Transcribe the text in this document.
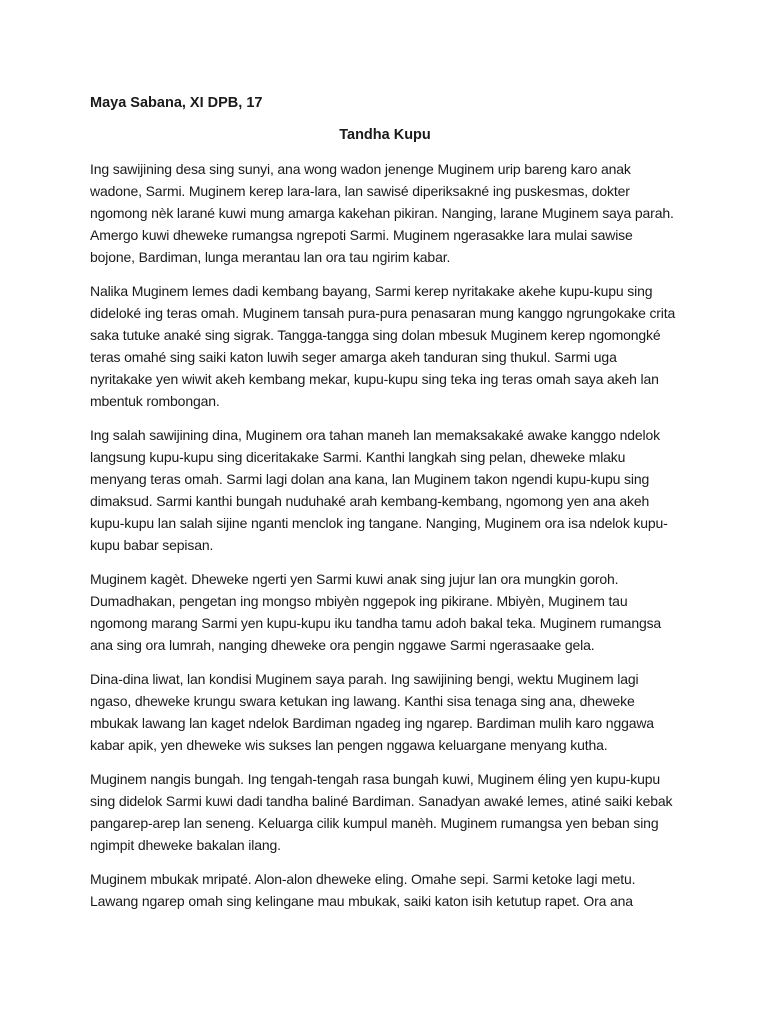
Maya Sabana, XI DPB, 17
Tandha Kupu

Ing sawijining desa sing sunyi, ana wong wadon jenenge Muginem urip bareng karo anak wadone, Sarmi. Muginem kerep lara-lara, lan sawisé diperiksakné ing puskesmas, dokter ngomong nèk larané kuwi mung amarga kakehan pikiran. Nanging, larane Muginem saya parah. Amergo kuwi dheweke rumangsa ngrepoti Sarmi. Muginem ngerasakke lara mulai sawise bojone, Bardiman, lunga merantau lan ora tau ngirim kabar.

Nalika Muginem lemes dadi kembang bayang, Sarmi kerep nyritakake akehe kupu-kupu sing dideloké ing teras omah. Muginem tansah pura-pura penasaran mung kanggo ngrungokake crita saka tutuke anaké sing sigrak. Tangga-tangga sing dolan mbesuk Muginem kerep ngomongké teras omahé sing saiki katon luwih seger amarga akeh tanduran sing thukul. Sarmi uga nyritakake yen wiwit akeh kembang mekar, kupu-kupu sing teka ing teras omah saya akeh lan mbentuk rombongan.

Ing salah sawijining dina, Muginem ora tahan maneh lan memaksakaké awake kanggo ndelok langsung kupu-kupu sing diceritakake Sarmi. Kanthi langkah sing pelan, dheweke mlaku menyang teras omah. Sarmi lagi dolan ana kana, lan Muginem takon ngendi kupu-kupu sing dimaksud. Sarmi kanthi bungah nuduhaké arah kembang-kembang, ngomong yen ana akeh kupu-kupu lan salah sijine nganti menclok ing tangane. Nanging, Muginem ora isa ndelok kupu-kupu babar sepisan.

Muginem kagèt. Dheweke ngerti yen Sarmi kuwi anak sing jujur lan ora mungkin goroh. Dumadhakan, pengetan ing mongso mbiyèn nggepok ing pikirane. Mbiyèn, Muginem tau ngomong marang Sarmi yen kupu-kupu iku tandha tamu adoh bakal teka. Muginem rumangsa ana sing ora lumrah, nanging dheweke ora pengin nggawe Sarmi ngerasaake gela.

Dina-dina liwat, lan kondisi Muginem saya parah. Ing sawijining bengi, wektu Muginem lagi ngaso, dheweke krungu swara ketukan ing lawang. Kanthi sisa tenaga sing ana, dheweke mbukak lawang lan kaget ndelok Bardiman ngadeg ing ngarep. Bardiman mulih karo nggawa kabar apik, yen dheweke wis sukses lan pengen nggawa keluargane menyang kutha.

Muginem nangis bungah. Ing tengah-tengah rasa bungah kuwi, Muginem éling yen kupu-kupu sing didelok Sarmi kuwi dadi tandha baliné Bardiman. Sanadyan awaké lemes, atiné saiki kebak pangarep-arep lan seneng. Keluarga cilik kumpul manèh. Muginem rumangsa yen beban sing ngimpit dheweke bakalan ilang.

Muginem mbukak mripaté. Alon-alon dheweke eling. Omahe sepi. Sarmi ketoke lagi metu. Lawang ngarep omah sing kelingane mau mbukak, saiki katon isih ketutup rapet. Ora ana
